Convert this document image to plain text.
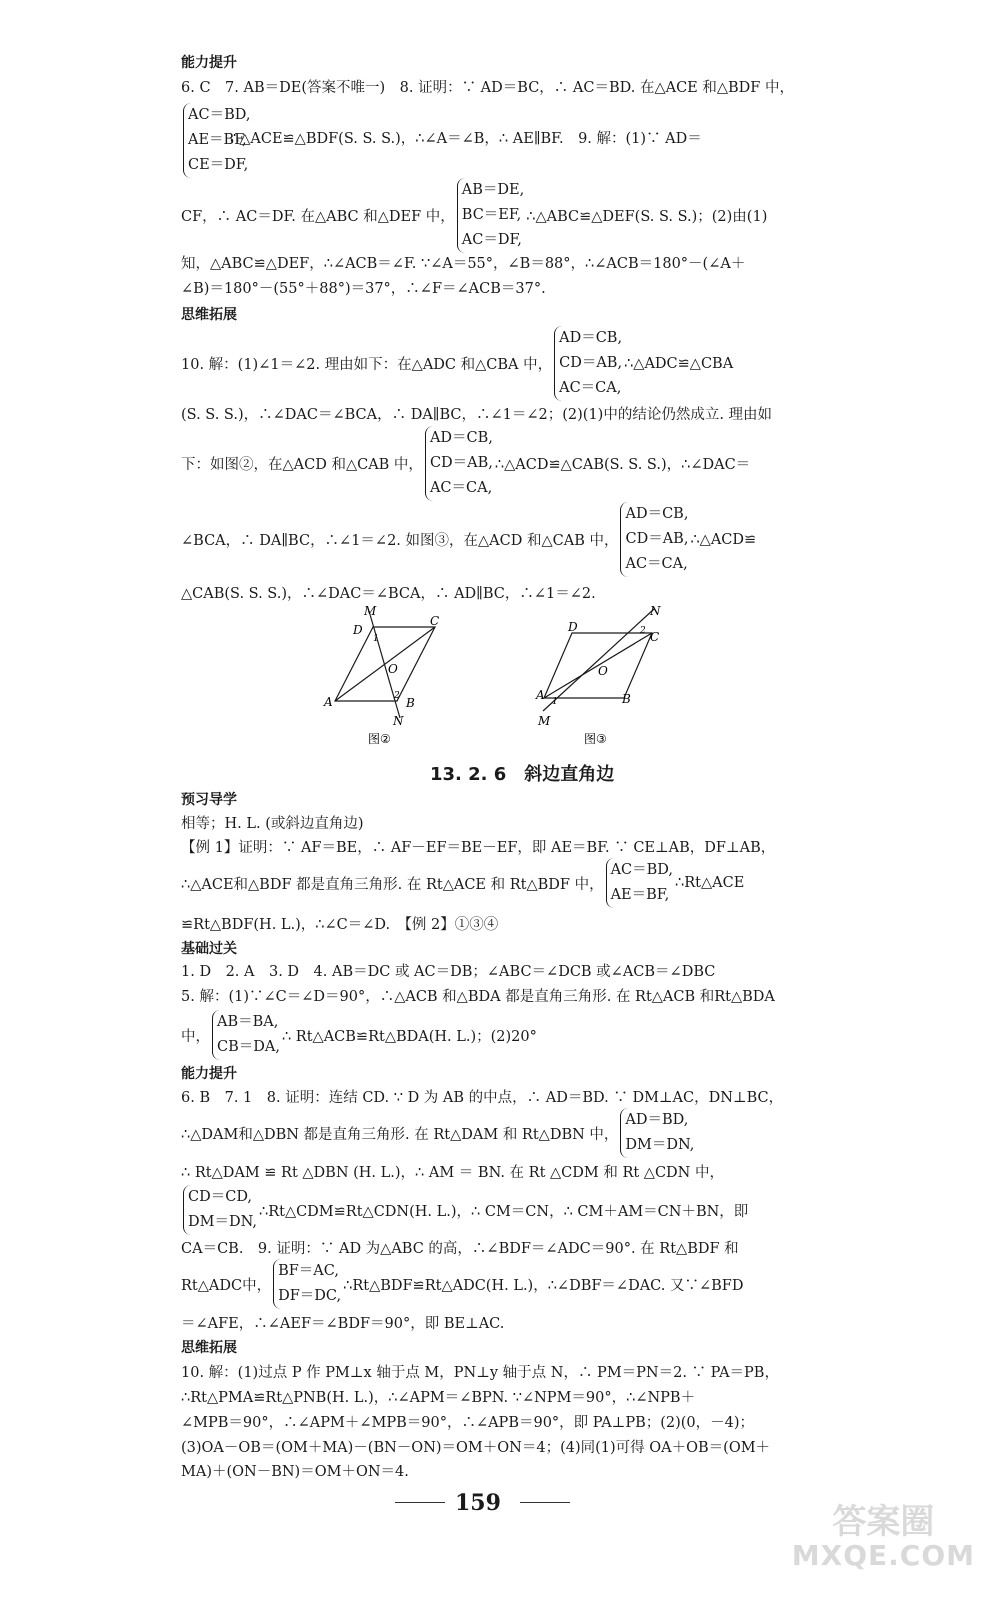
能力提升
6. C　7. AB＝DE(答案不唯一)　8. 证明：∵ AD＝BC，∴ AC＝BD. 在△ACE 和△BDF 中，
AC＝BD,
AE＝BF,
CE＝DF,
∴△ACE≌△BDF(S. S. S.)，∴∠A＝∠B，∴ AE∥BF.　9. 解：(1)∵ AD＝
CF，∴ AC＝DF. 在△ABC 和△DEF 中，
AB＝DE,
BC＝EF,
AC＝DF,
∴△ABC≌△DEF(S. S. S.)；(2)由(1)
知，△ABC≌△DEF，∴∠ACB＝∠F. ∵∠A＝55°，∠B＝88°，∴∠ACB＝180°－(∠A＋
∠B)＝180°－(55°＋88°)＝37°，∴∠F＝∠ACB＝37°.
思维拓展
10. 解：(1)∠1＝∠2. 理由如下：在△ADC 和△CBA 中，
AD＝CB,
CD＝AB,
AC＝CA,
∴△ADC≌△CBA
(S. S. S.)，∴∠DAC＝∠BCA，∴ DA∥BC，∴∠1＝∠2；(2)(1)中的结论仍然成立. 理由如
下：如图②，在△ACD 和△CAB 中，
AD＝CB,
CD＝AB,
AC＝CA,
∴△ACD≌△CAB(S. S. S.)，∴∠DAC＝
∠BCA，∴ DA∥BC，∴∠1＝∠2. 如图③，在△ACD 和△CAB 中，
AD＝CB,
CD＝AB,
AC＝CA,
∴△ACD≌
△CAB(S. S. S.)，∴∠DAC＝∠BCA，∴ AD∥BC，∴∠1＝∠2.
M
D
C
O
A	B
N
1
2
图②
N
D
C
O
A	B
M
1
2
图③
13. 2. 6　斜边直角边
预习导学
相等；H. L. (或斜边直角边)
【例 1】证明：∵ AF＝BE，∴ AF－EF＝BE－EF，即 AE＝BF. ∵ CE⊥AB，DF⊥AB，
∴△ACE和△BDF 都是直角三角形. 在 Rt△ACE 和 Rt△BDF 中，
AC＝BD,
AE＝BF,
∴Rt△ACE
≌Rt△BDF(H. L.)，∴∠C＝∠D.　【例 2】①③④
基础过关
1. D　2. A　3. D　4. AB＝DC 或 AC＝DB；∠ABC＝∠DCB 或∠ACB＝∠DBC
5. 解：(1)∵∠C＝∠D＝90°，∴△ACB 和△BDA 都是直角三角形. 在 Rt△ACB 和Rt△BDA
中，
AB＝BA,
CB＝DA,
∴ Rt△ACB≌Rt△BDA(H. L.)；(2)20°
能力提升
6. B　7. 1　8. 证明：连结 CD. ∵ D 为 AB 的中点，∴ AD＝BD. ∵ DM⊥AC，DN⊥BC，
∴△DAM和△DBN 都是直角三角形. 在 Rt△DAM 和 Rt△DBN 中，
AD＝BD,
DM＝DN,
∴ Rt△DAM ≌ Rt △DBN (H. L.)，∴ AM ＝ BN. 在 Rt △CDM 和 Rt △CDN 中，
CD＝CD,
DM＝DN,
∴Rt△CDM≌Rt△CDN(H. L.)，∴ CM＝CN，∴ CM＋AM＝CN＋BN，即
CA＝CB.　9. 证明：∵ AD 为△ABC 的高，∴∠BDF＝∠ADC＝90°. 在 Rt△BDF 和
Rt△ADC中，
BF＝AC,
DF＝DC,
∴Rt△BDF≌Rt△ADC(H. L.)，∴∠DBF＝∠DAC. 又∵∠BFD
＝∠AFE，∴∠AEF＝∠BDF＝90°，即 BE⊥AC.
思维拓展
10. 解：(1)过点 P 作 PM⊥x 轴于点 M，PN⊥y 轴于点 N，∴ PM＝PN＝2. ∵ PA＝PB，
∴Rt△PMA≌Rt△PNB(H. L.)，∴∠APM＝∠BPN. ∵∠NPM＝90°，∴∠NPB＋
∠MPB＝90°，∴∠APM＋∠MPB＝90°，∴∠APB＝90°，即 PA⊥PB；(2)(0，－4)；
(3)OA－OB＝(OM＋MA)－(BN－ON)＝OM＋ON＝4；(4)同(1)可得 OA＋OB＝(OM＋
MA)＋(ON－BN)＝OM＋ON＝4.
159	答案圈
MXQE.COM
